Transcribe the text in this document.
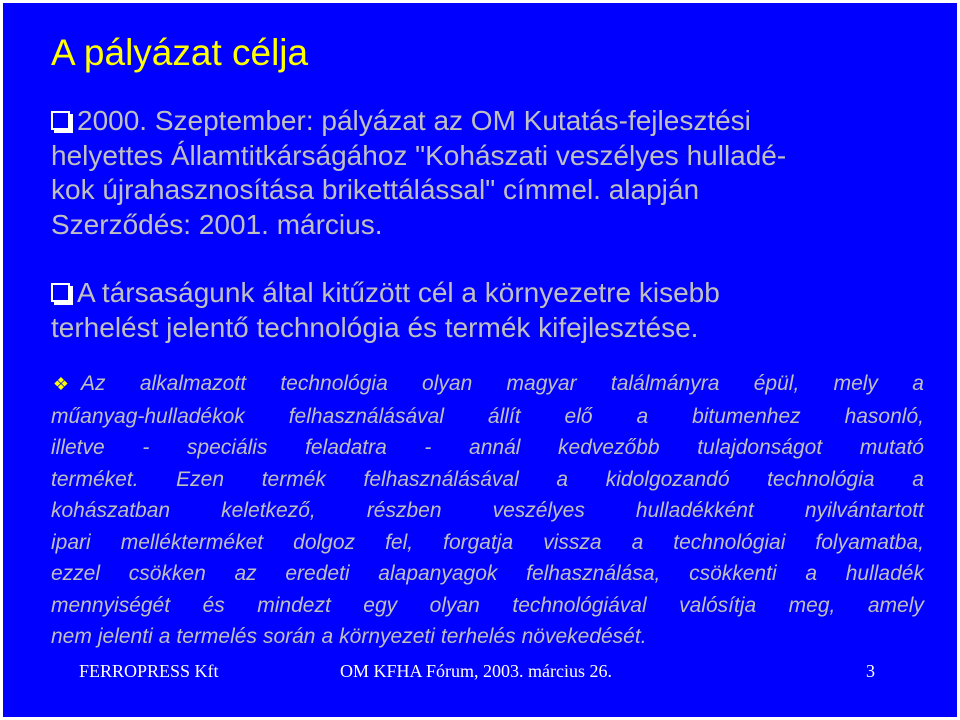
A pályázat célja
2000. Szeptember: pályázat az OM Kutatás-fejlesztési
helyettes Államtitkárságához "Kohászati veszélyes hulladé-
kok újrahasznosítása brikettálással" címmel. alapján
Szerződés: 2001. március.
A társaságunk által kitűzött cél a környezetre kisebb
terhelést jelentő technológia és termék kifejlesztése.
❖ Az alkalmazott technológia olyan magyar találmányra épül, mely a
műanyag-hulladékok felhasználásával állít elő a bitumenhez hasonló,
illetve - speciális feladatra - annál kedvezőbb tulajdonságot mutató
terméket. Ezen termék felhasználásával a kidolgozandó technológia a
kohászatban keletkező, részben veszélyes hulladékként nyilvántartott
ipari mellékterméket dolgoz fel, forgatja vissza a technológiai folyamatba,
ezzel csökken az eredeti alapanyagok felhasználása, csökkenti a hulladék
mennyiségét és mindezt egy olyan technológiával valósítja meg, amely
nem jelenti a termelés során a környezeti terhelés növekedését.
FERROPRESS Kft	OM KFHA Fórum, 2003. március 26.	3
